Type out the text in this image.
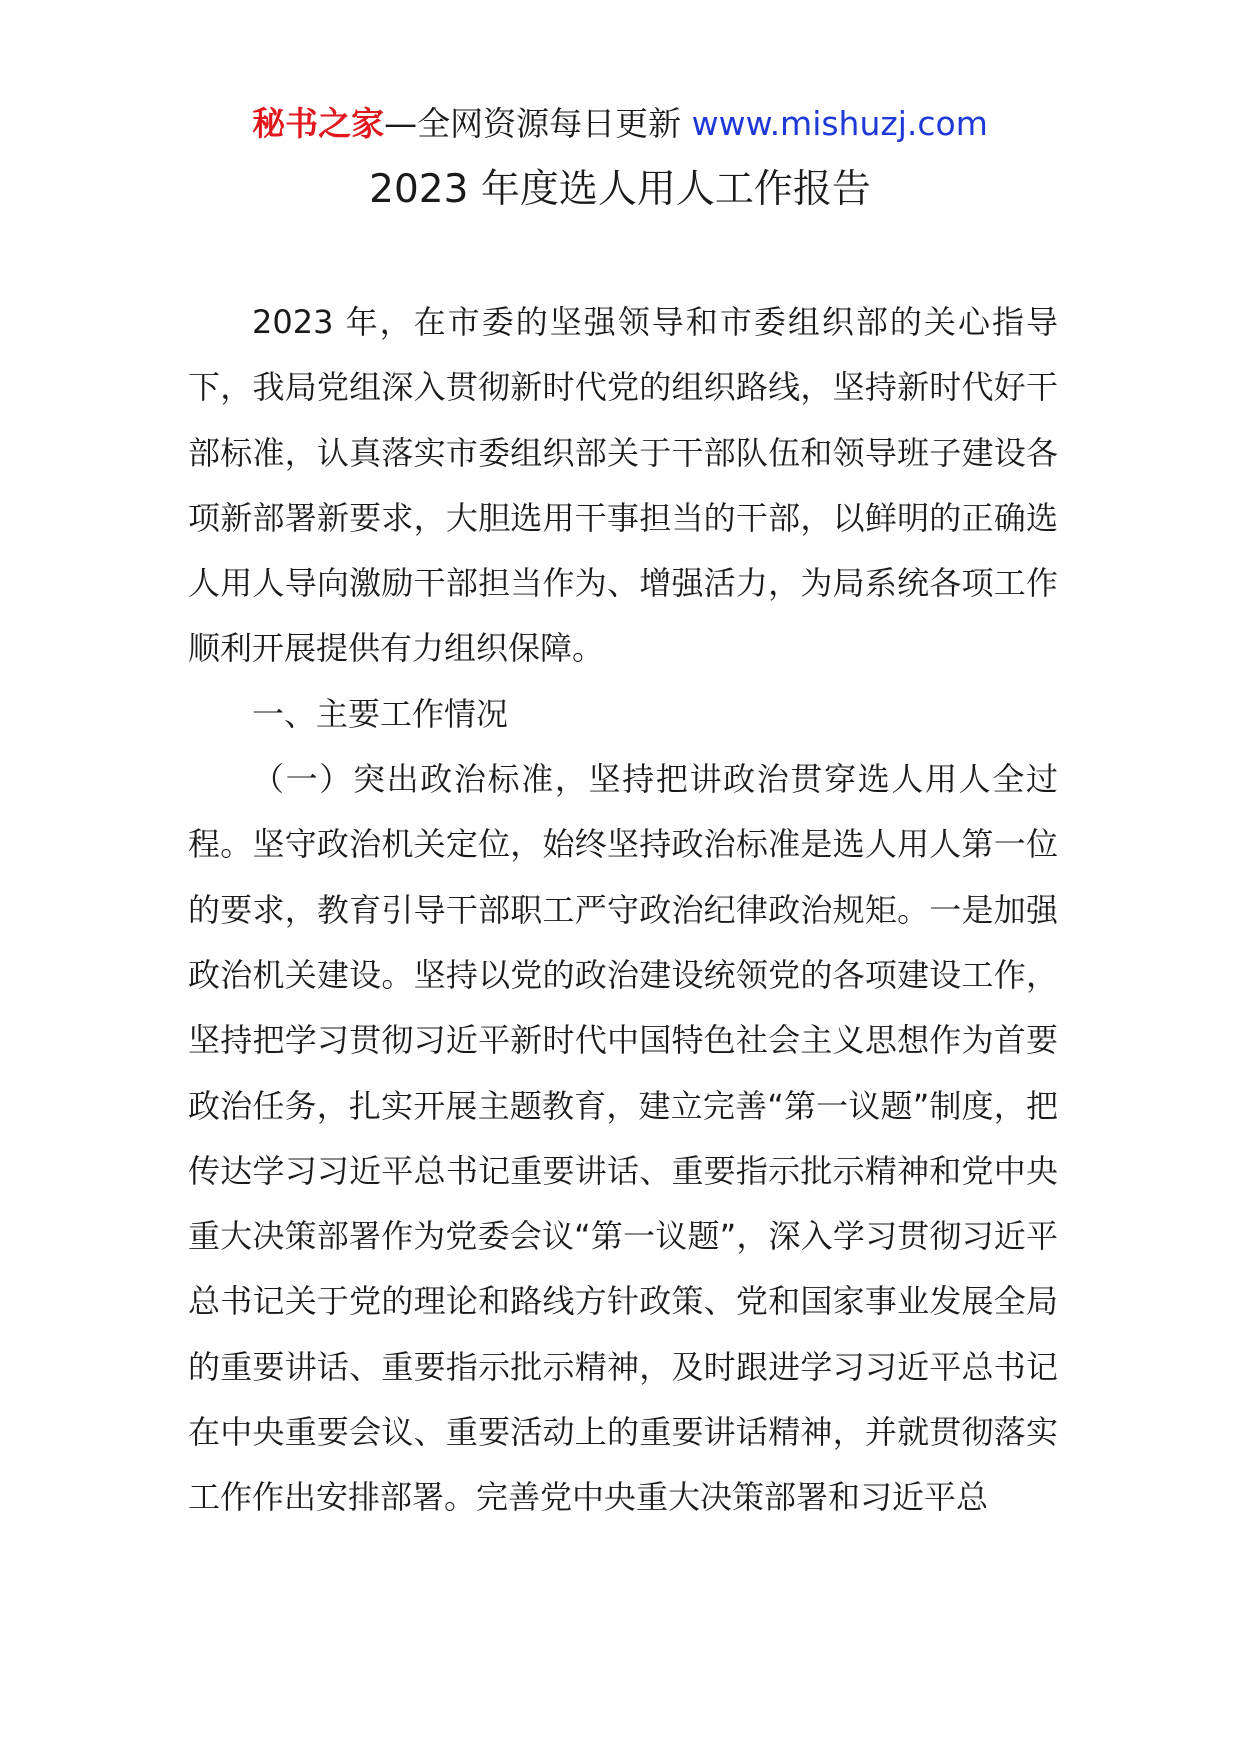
秘书之家—全网资源每日更新 www.mishuzj.com
2023 年度选人用人工作报告

2023 年，在市委的坚强领导和市委组织部的关心指导下，我局党组深入贯彻新时代党的组织路线，坚持新时代好干部标准，认真落实市委组织部关于干部队伍和领导班子建设各项新部署新要求，大胆选用干事担当的干部，以鲜明的正确选人用人导向激励干部担当作为、增强活力，为局系统各项工作顺利开展提供有力组织保障。

一、主要工作情况

（一）突出政治标准，坚持把讲政治贯穿选人用人全过程。坚守政治机关定位，始终坚持政治标准是选人用人第一位的要求，教育引导干部职工严守政治纪律政治规矩。一是加强政治机关建设。坚持以党的政治建设统领党的各项建设工作，坚持把学习贯彻习近平新时代中国特色社会主义思想作为首要政治任务，扎实开展主题教育，建立完善“第一议题”制度，把传达学习习近平总书记重要讲话、重要指示批示精神和党中央重大决策部署作为党委会议“第一议题”，深入学习贯彻习近平总书记关于党的理论和路线方针政策、党和国家事业发展全局的重要讲话、重要指示批示精神，及时跟进学习习近平总书记在中央重要会议、重要活动上的重要讲话精神，并就贯彻落实工作作出安排部署。完善党中央重大决策部署和习近平总
